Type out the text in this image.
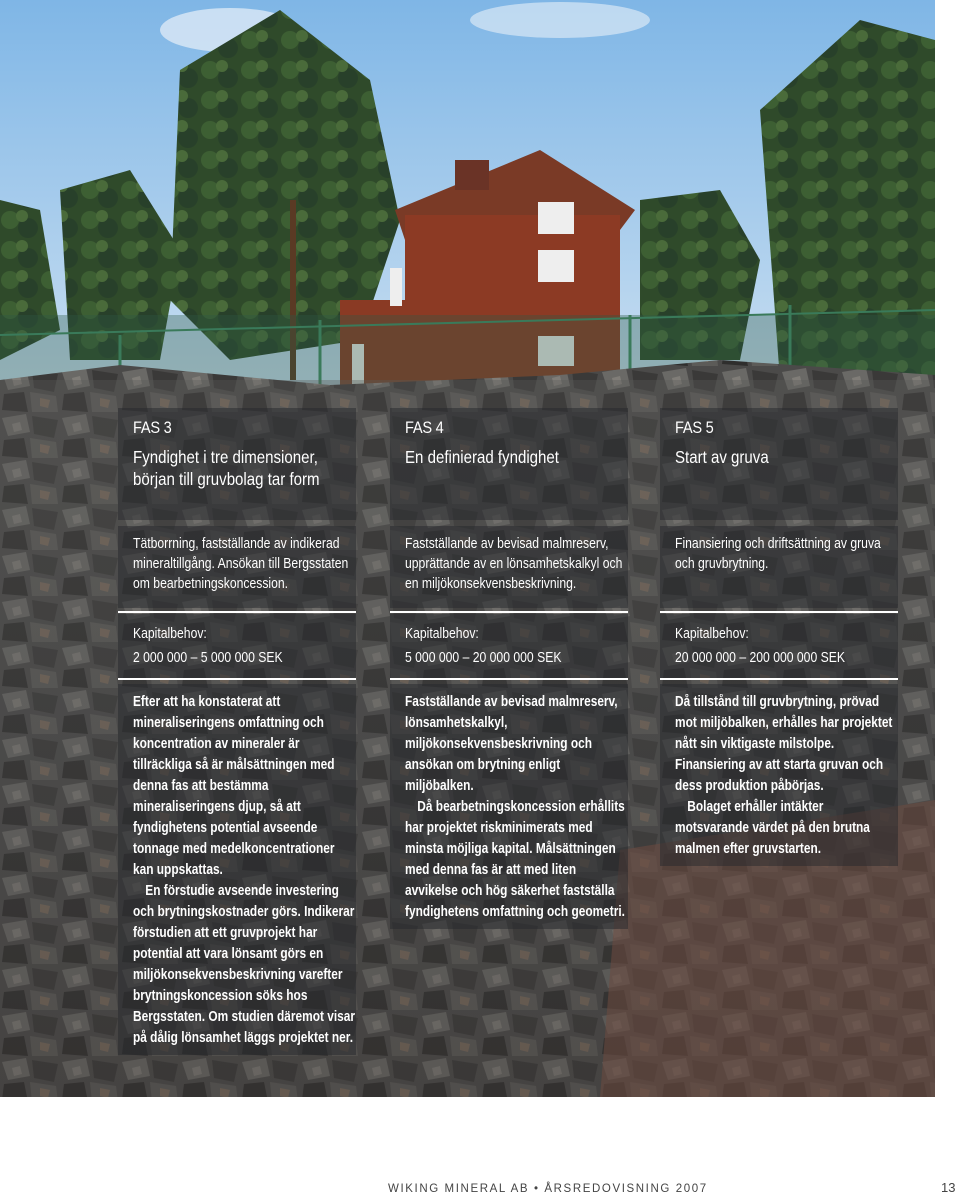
FAS 3
Fyndighet i tre dimensioner, början till gruvbolag tar form

Tätborrning, fastställande av indikerad mineraltillgång. Ansökan till Bergsstaten om bearbetningskoncession.

Kapitalbehov:

2 000 000 – 5 000 000 SEK

Efter att ha konstaterat att mineraliseringens omfattning och koncentration av mineraler är tillräckliga så är målsättningen med denna fas att bestämma mineraliseringens djup, så att fyndighetens potential avseende tonnage med medelkoncentrationer kan uppskattas.

En förstudie avseende investering och brytningskostnader görs. Indikerar förstudien att ett gruvprojekt har potential att vara lönsamt görs en miljökonsekvensbeskrivning varefter brytningskoncession söks hos Bergsstaten. Om studien däremot visar på dålig lönsamhet läggs projektet ner.

FAS 4
En definierad fyndighet

Fastställande av bevisad malmreserv, upprättande av en lönsamhetskalkyl och en miljökonsekvensbeskrivning.

Kapitalbehov:

5 000 000 – 20 000 000 SEK

Fastställande av bevisad malmreserv, lönsamhetskalkyl, miljökonsekvensbeskrivning och ansökan om brytning enligt miljöbalken.

Då bearbetningskoncession erhållits har projektet riskminimerats med minsta möjliga kapital. Målsättningen med denna fas är att med liten avvikelse och hög säkerhet fastställa fyndighetens omfattning och geometri.

FAS 5
Start av gruva

Finansiering och driftsättning av gruva och gruvbrytning.

Kapitalbehov:

20 000 000 – 200 000 000 SEK

Då tillstånd till gruvbrytning, prövad mot miljöbalken, erhålles har projektet nått sin viktigaste milstolpe. Finansiering av att starta gruvan och dess produktion påbörjas.

Bolaget erhåller intäkter motsvarande värdet på den brutna malmen efter gruvstarten.

WIKING MINERAL AB • ÅRSREDOVISNING 2007	13
